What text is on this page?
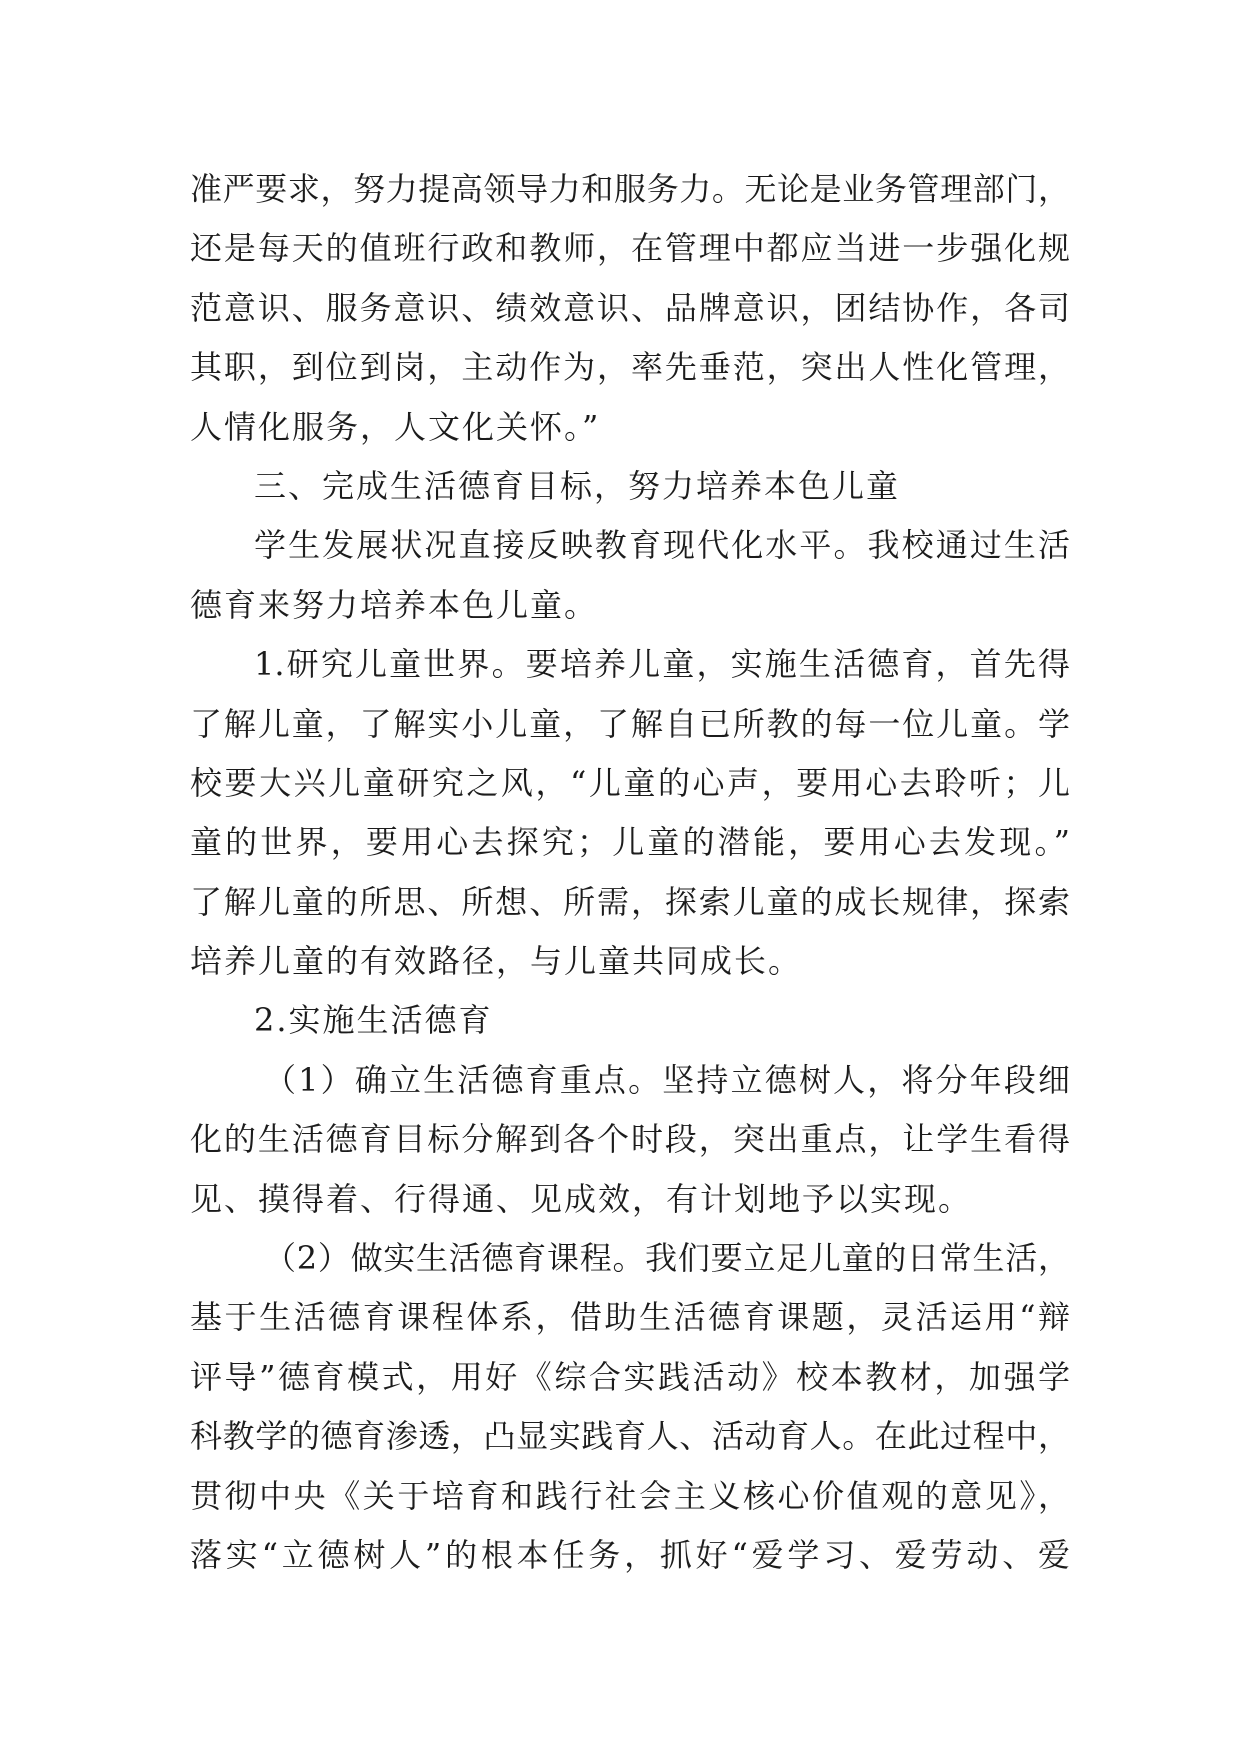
准严要求，努力提高领导力和服务力。无论是业务管理部门，
还是每天的值班行政和教师，在管理中都应当进一步强化规
范意识、服务意识、绩效意识、品牌意识，团结协作，各司
其职，到位到岗，主动作为，率先垂范，突出人性化管理，
人情化服务，人文化关怀。”
三、完成生活德育目标，努力培养本色儿童
学生发展状况直接反映教育现代化水平。我校通过生活
德育来努力培养本色儿童。
1.研究儿童世界。要培养儿童，实施生活德育，首先得
了解儿童，了解实小儿童，了解自已所教的每一位儿童。学
校要大兴儿童研究之风，“儿童的心声，要用心去聆听；儿
童的世界，要用心去探究；儿童的潜能，要用心去发现。”
了解儿童的所思、所想、所需，探索儿童的成长规律，探索
培养儿童的有效路径，与儿童共同成长。
2.实施生活德育
（1）确立生活德育重点。坚持立德树人，将分年段细
化的生活德育目标分解到各个时段，突出重点，让学生看得
见、摸得着、行得通、见成效，有计划地予以实现。
（2）做实生活德育课程。我们要立足儿童的日常生活，
基于生活德育课程体系，借助生活德育课题，灵活运用“辩
评导”德育模式，用好《综合实践活动》校本教材，加强学
科教学的德育渗透，凸显实践育人、活动育人。在此过程中，
贯彻中央《关于培育和践行社会主义核心价值观的意见》，
落实“立德树人”的根本任务，抓好“爱学习、爱劳动、爱
